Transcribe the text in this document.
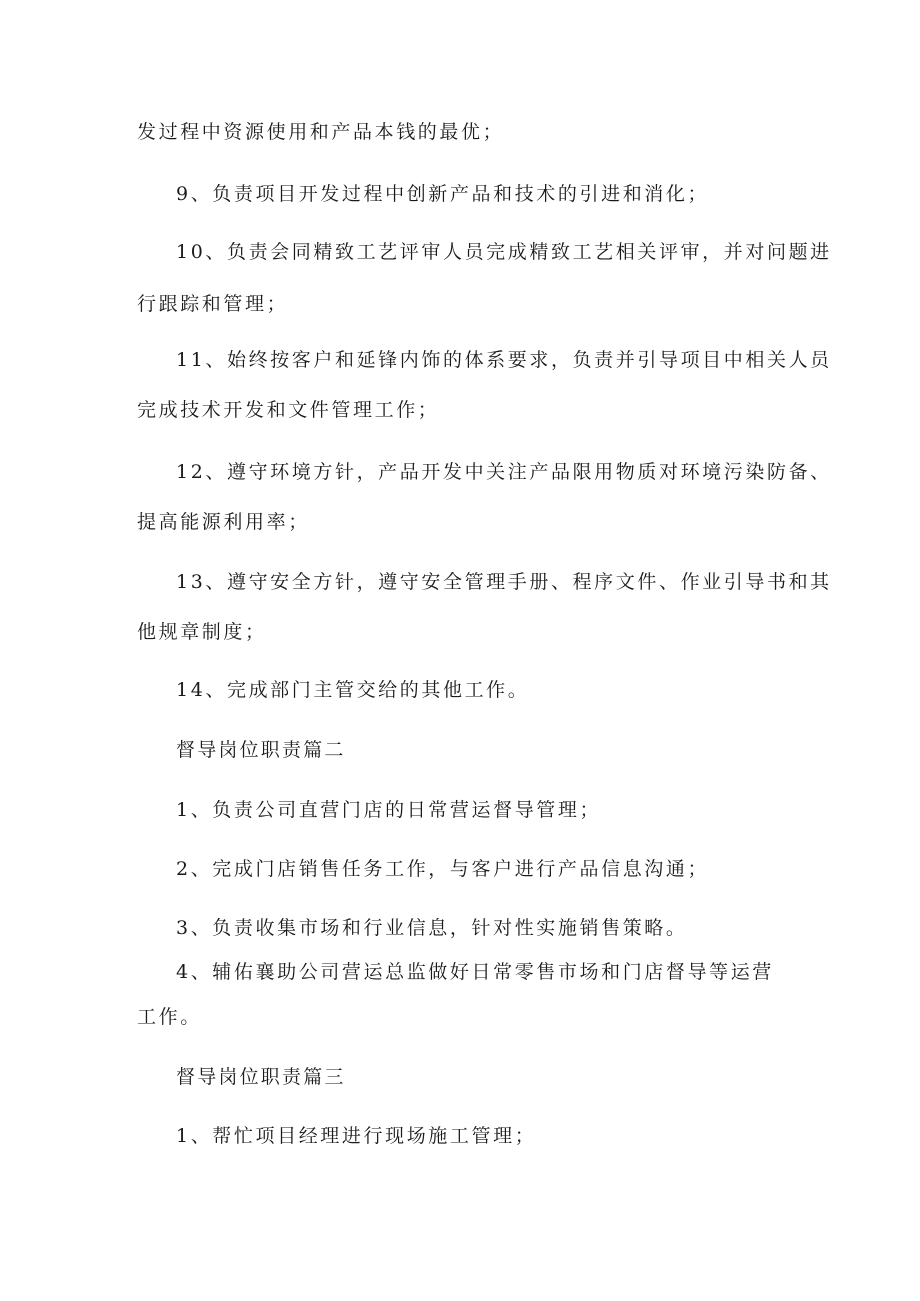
发过程中资源使用和产品本钱的最优；
9、负责项目开发过程中创新产品和技术的引进和消化；
10、负责会同精致工艺评审人员完成精致工艺相关评审，并对问题进
行跟踪和管理；
11、始终按客户和延锋内饰的体系要求，负责并引导项目中相关人员
完成技术开发和文件管理工作；
12、遵守环境方针，产品开发中关注产品限用物质对环境污染防备、
提高能源利用率；
13、遵守安全方针，遵守安全管理手册、程序文件、作业引导书和其
他规章制度；
14、完成部门主管交给的其他工作。
督导岗位职责篇二
1、负责公司直营门店的日常营运督导管理；
2、完成门店销售任务工作，与客户进行产品信息沟通；
3、负责收集市场和行业信息，针对性实施销售策略。
4、辅佑襄助公司营运总监做好日常零售市场和门店督导等运营
工作。
督导岗位职责篇三
1、帮忙项目经理进行现场施工管理；
